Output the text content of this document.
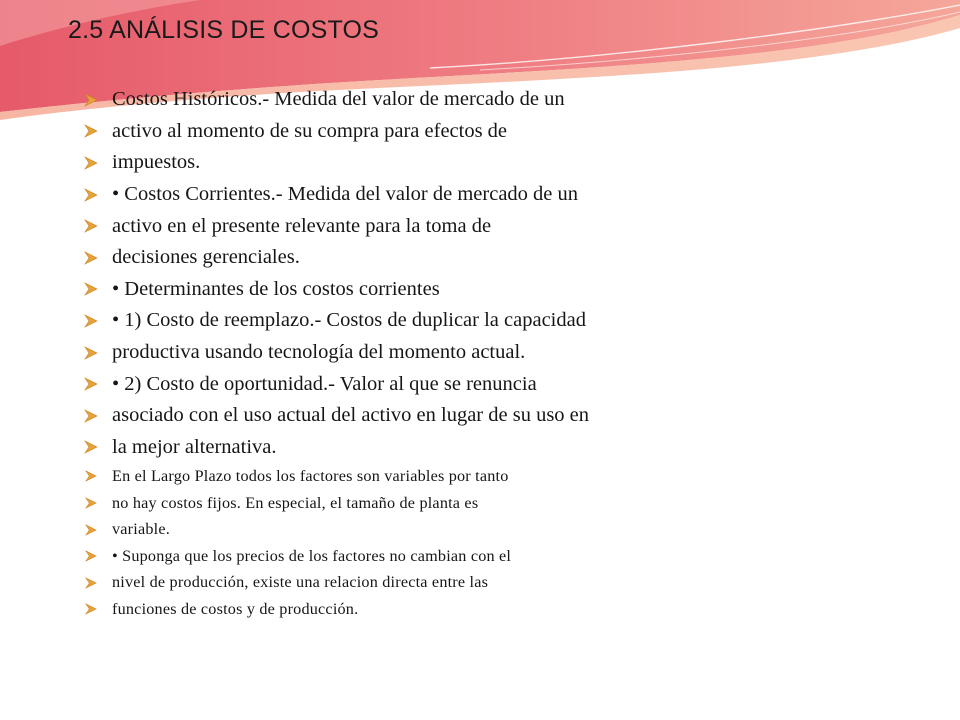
2.5 ANÁLISIS DE COSTOS
Costos Históricos.- Medida del valor de mercado de un
activo al momento de su compra para efectos de
impuestos.
• Costos Corrientes.- Medida del valor de mercado de un
activo en el presente relevante para la toma de
decisiones gerenciales.
• Determinantes de los costos corrientes
• 1) Costo de reemplazo.- Costos de duplicar la capacidad
productiva usando tecnología del momento actual.
• 2) Costo de oportunidad.- Valor al que se renuncia
asociado con el uso actual del activo en lugar de su uso en
la mejor alternativa.
En el Largo Plazo todos los factores son variables por tanto
no hay costos fijos. En especial, el tamaño de planta es
variable.
• Suponga que los precios de los factores no cambian con el
nivel de producción, existe una relacion directa entre las
funciones de costos y de producción.
